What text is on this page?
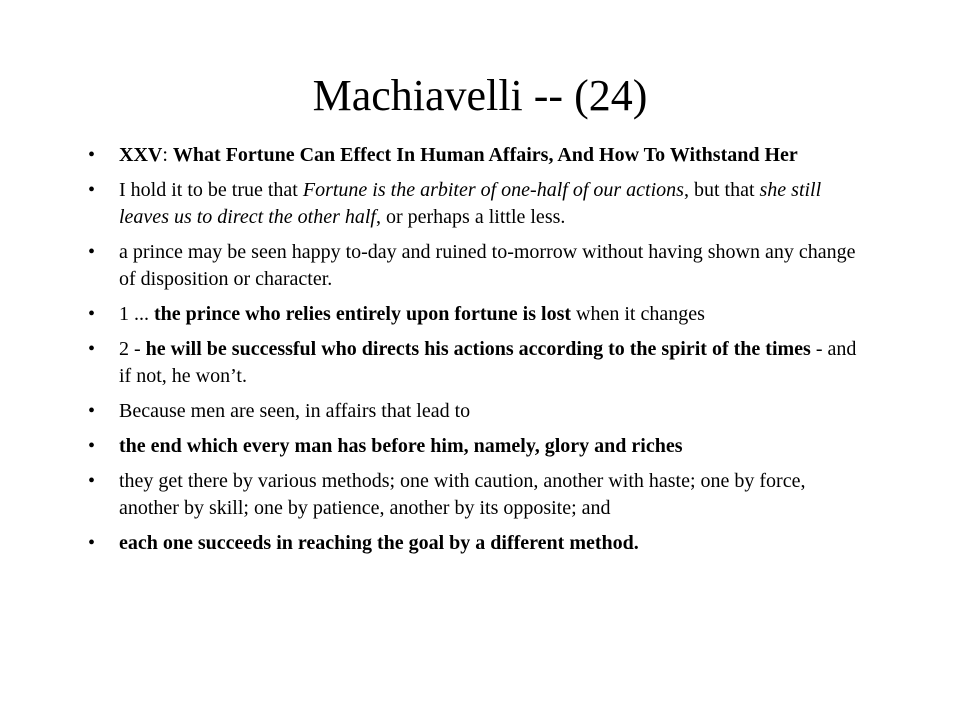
Machiavelli -- (24)
• XXV: What Fortune Can Effect In Human Affairs, And How To Withstand Her
• I hold it to be true that Fortune is the arbiter of one-half of our actions, but that she still leaves us to direct the other half, or perhaps a little less.
• a prince may be seen happy to-day and ruined to-morrow without having shown any change of disposition or character.
• 1 ... the prince who relies entirely upon fortune is lost when it changes
• 2 - he will be successful who directs his actions according to the spirit of the times - and if not, he won’t.
• Because men are seen, in affairs that lead to
• the end which every man has before him, namely, glory and riches
• they get there by various methods; one with caution, another with haste; one by force, another by skill; one by patience, another by its opposite; and
• each one succeeds in reaching the goal by a different method.
